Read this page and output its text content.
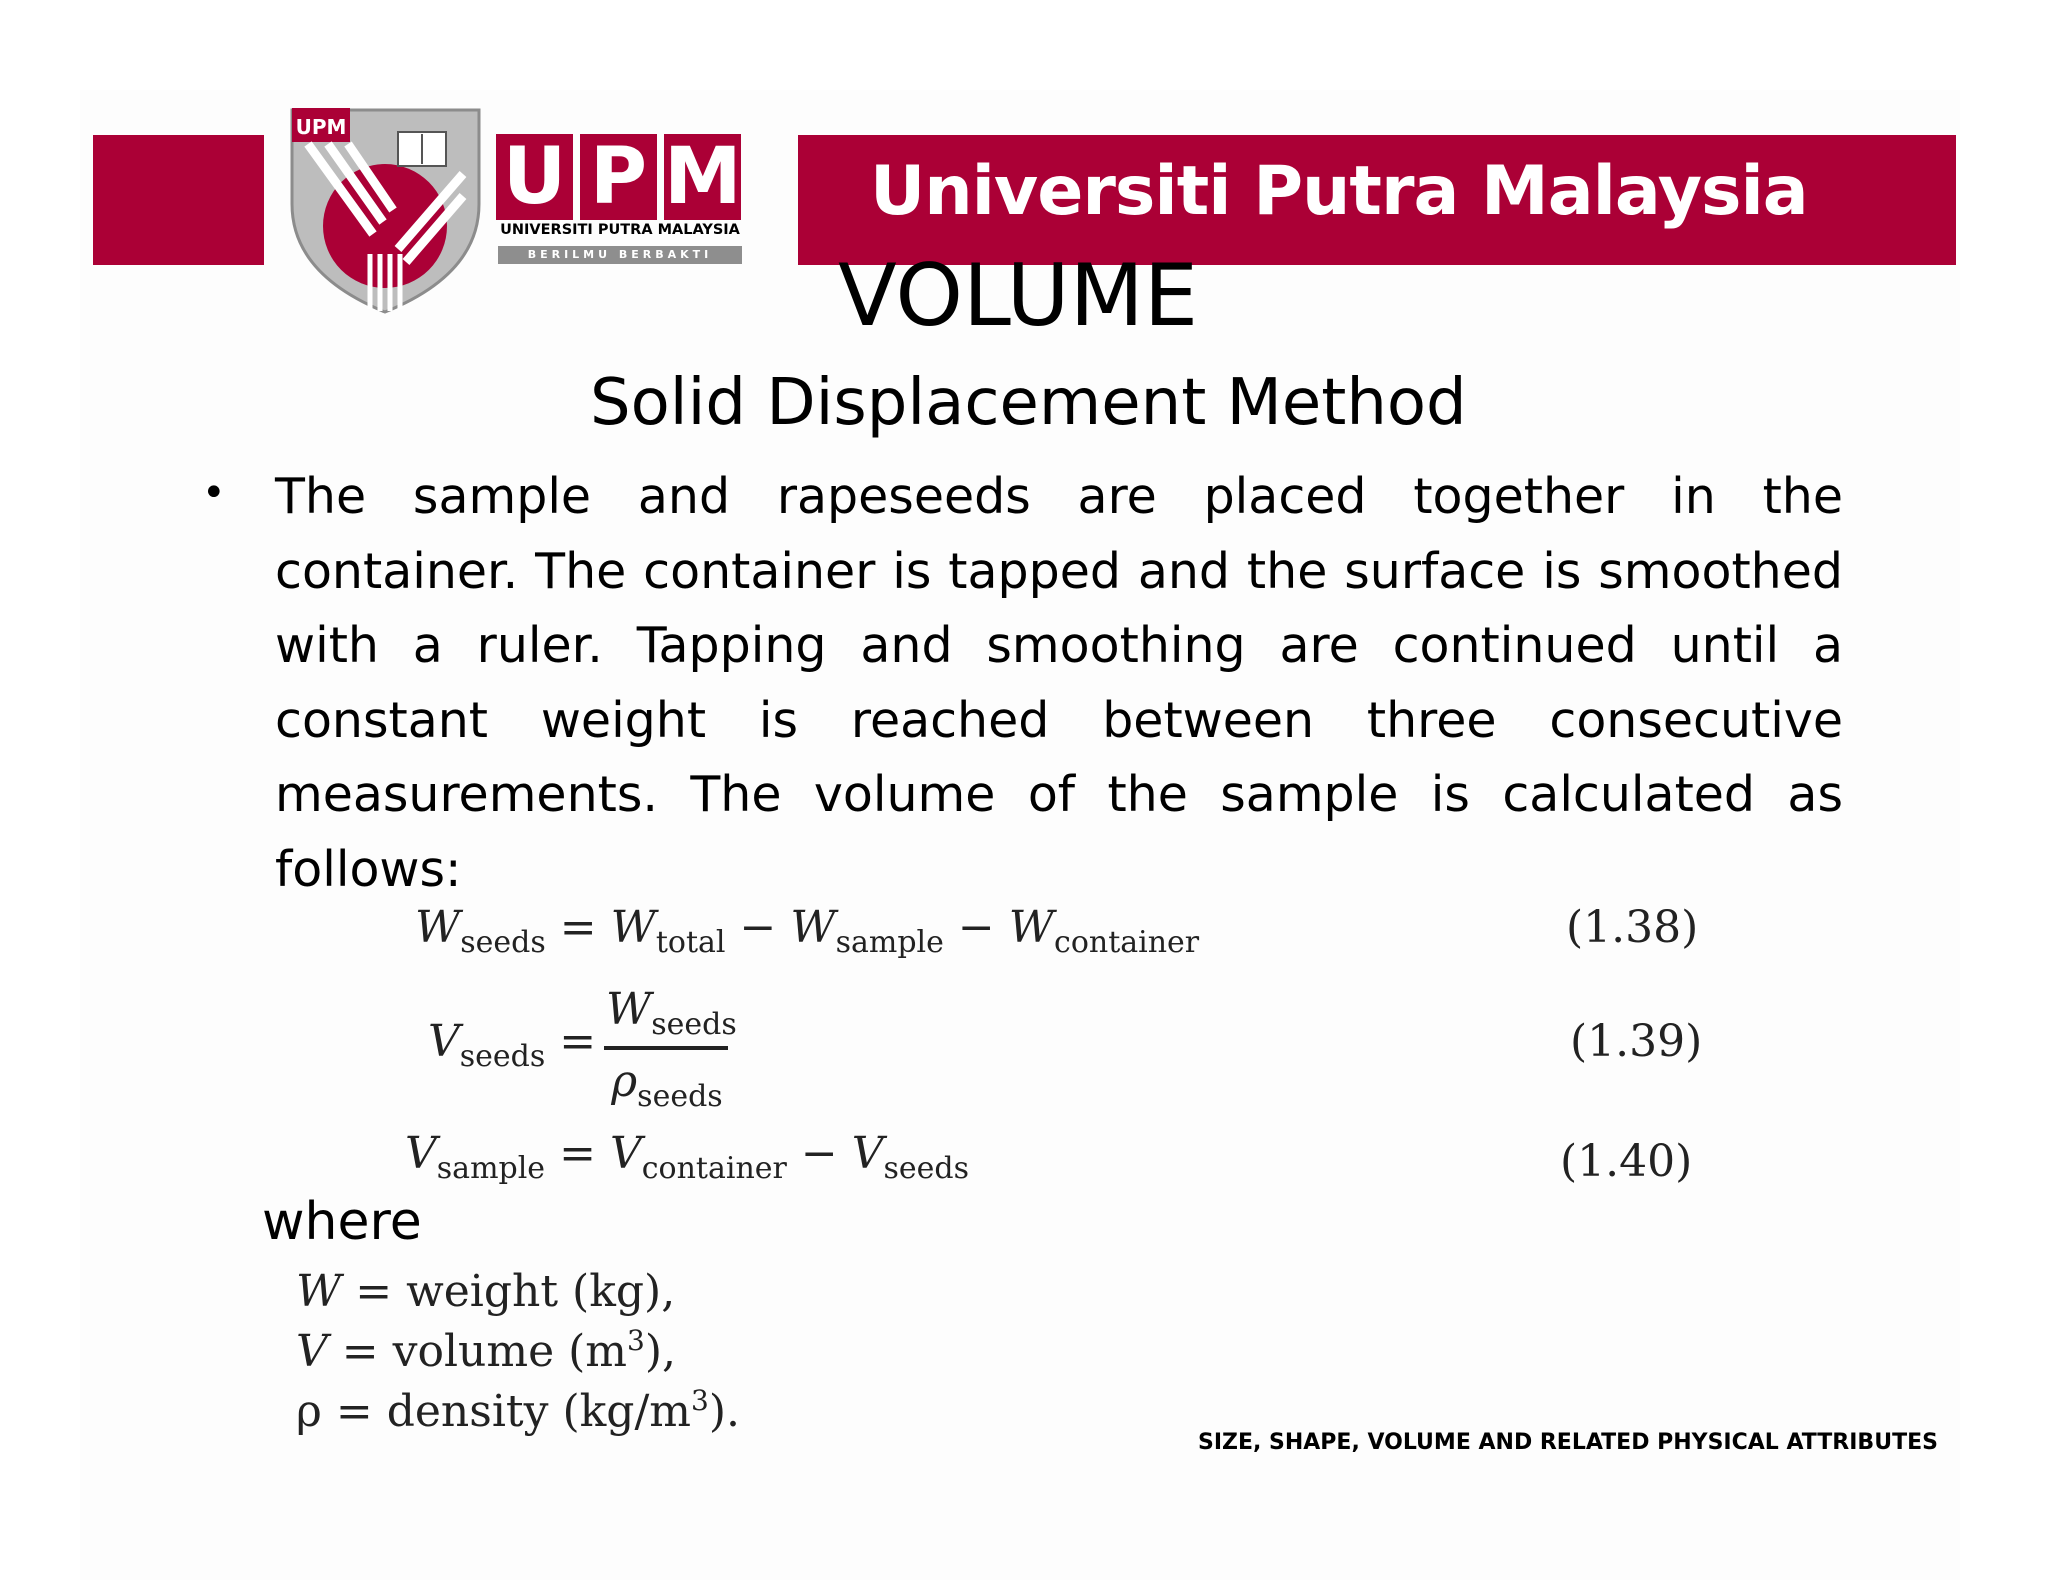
Universiti Putra Malaysia
UPM
U P M
UNIVERSITI PUTRA MALAYSIA
BERILMU BERBAKTI	VOLUME
Solid Displacement Method
• The sample and rapeseeds are placed together in the container. The container is tapped and the surface is smoothed with a ruler. Tapping and smoothing are continued until a constant weight is reached between three consecutive measurements. The volume of the sample is calculated as follows:
$W_{seeds} = W_{total} - W_{sample} - W_{container}$	(1.38)
$V_{seeds}$ =
$W_{seeds}$
$\rho_{seeds}$
(1.39)
$V_{sample} = V_{container} - V_{seeds}$	(1.40)
where
W = weight (kg),
V = volume $(m^3)$,
ρ = density $(kg/m^3)$.
SIZE, SHAPE, VOLUME AND RELATED PHYSICAL ATTRIBUTES
